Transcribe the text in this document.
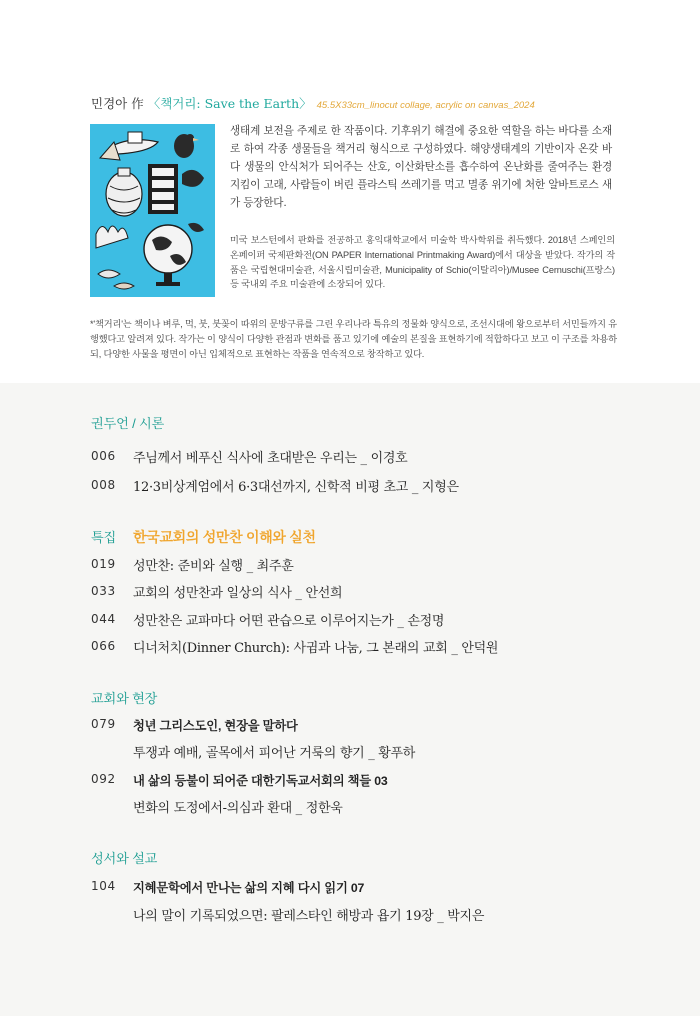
민경아 作 〈책거리: Save the Earth〉 45.5X33cm_linocut collage, acrylic on canvas_2024

생태계 보전을 주제로 한 작품이다. 기후위기 해결에 중요한 역할을 하는 바다를 소재로 하여 각종 생물들을 책거리 형식으로 구성하였다. 해양생태계의 기반이자 온갖 바다 생물의 안식처가 되어주는 산호, 이산화탄소를 흡수하여 온난화를 줄여주는 환경지킴이 고래, 사람들이 버린 플라스틱 쓰레기를 먹고 멸종 위기에 처한 알바트로스 새가 등장한다.

미국 보스턴에서 판화를 전공하고 홍익대학교에서 미술학 박사학위를 취득했다. 2018년 스페인의 온페이퍼 국제판화전(ON PAPER International Printmaking Award)에서 대상을 받았다. 작가의 작품은 국립현대미술관, 서울시립미술관, Municipality of Schio(이탈리아)/Musee Cernuschi(프랑스) 등 국내외 주요 미술관에 소장되어 있다.

*'책거리'는 책이나 벼루, 먹, 붓, 붓꽂이 따위의 문방구류를 그린 우리나라 특유의 정물화 양식으로, 조선시대에 왕으로부터 서민들까지 유행했다고 알려져 있다. 작가는 이 양식이 다양한 관점과 변화를 품고 있기에 예술의 본질을 표현하기에 적합하다고 보고 이 구조를 차용하되, 다양한 사물을 평면이 아닌 입체적으로 표현하는 작품을 연속적으로 창작하고 있다.

권두언 / 시론
006 주님께서 베푸신 식사에 초대받은 우리는 _ 이경호
008 12·3비상계엄에서 6·3대선까지, 신학적 비평 초고 _ 지형은
특집 한국교회의 성만찬 이해와 실천
019 성만찬: 준비와 실행 _ 최주훈
033 교회의 성만찬과 일상의 식사 _ 안선희
044 성만찬은 교파마다 어떤 관습으로 이루어지는가 _ 손정명
066 디너처치(Dinner Church): 사귐과 나눔, 그 본래의 교회 _ 안덕원
교회와 현장
079 청년 그리스도인, 현장을 말하다
투쟁과 예배, 골목에서 피어난 거룩의 향기 _ 황푸하
092 내 삶의 등불이 되어준 대한기독교서회의 책들 03
변화의 도정에서-의심과 환대 _ 정한욱
성서와 설교
104 지혜문학에서 만나는 삶의 지혜 다시 읽기 07
나의 말이 기록되었으면: 팔레스타인 해방과 욥기 19장 _ 박지은
